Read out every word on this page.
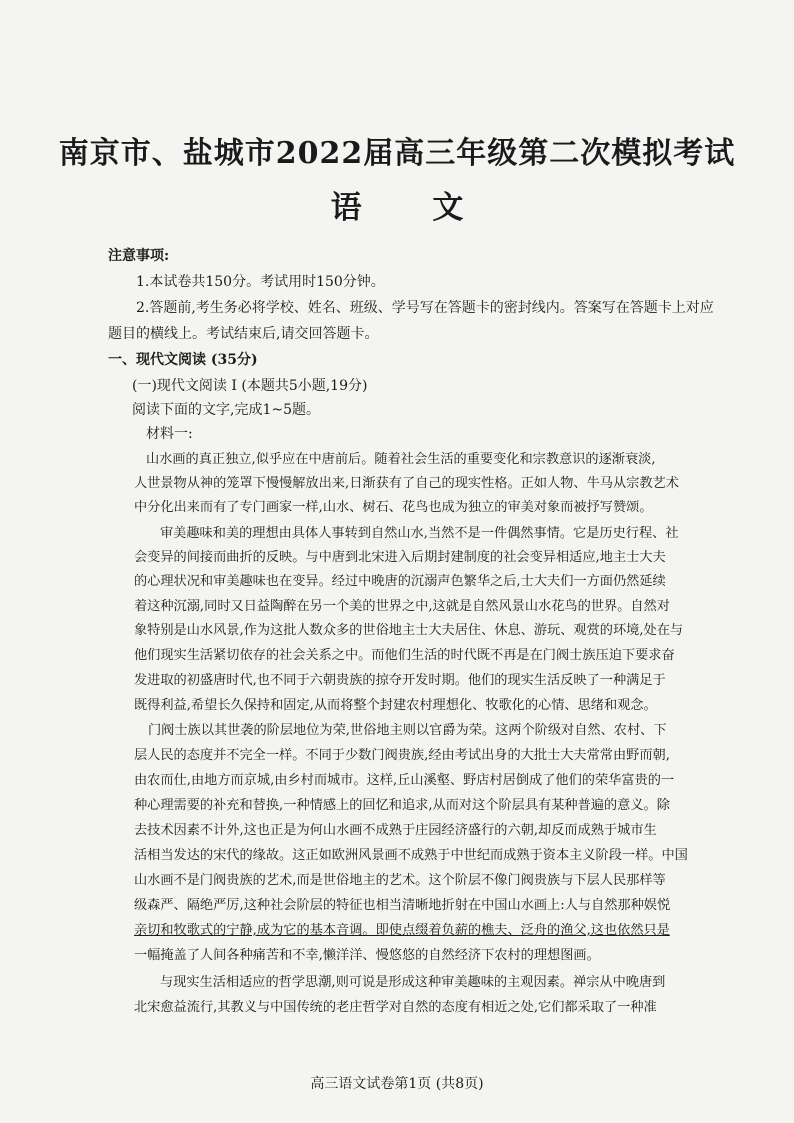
南京市、盐城市2022届高三年级第二次模拟考试
语 文
注意事项:
1.本试卷共150分。考试用时150分钟。
2.答题前,考生务必将学校、姓名、班级、学号写在答题卡的密封线内。答案写在答题卡上对应
题目的横线上。考试结束后,请交回答题卡。
一、现代文阅读 (35分)
(一)现代文阅读 I (本题共5小题,19分)
阅读下面的文字,完成1~5题。
材料一:
山水画的真正独立,似乎应在中唐前后。随着社会生活的重要变化和宗教意识的逐渐衰淡,
人世景物从神的笼罩下慢慢解放出来,日渐获有了自己的现实性格。正如人物、牛马从宗教艺术
中分化出来而有了专门画家一样,山水、树石、花鸟也成为独立的审美对象而被抒写赞颂。
审美趣味和美的理想由具体人事转到自然山水,当然不是一件偶然事情。它是历史行程、社
会变异的间接而曲折的反映。与中唐到北宋进入后期封建制度的社会变异相适应,地主士大夫
的心理状况和审美趣味也在变异。经过中晚唐的沉溺声色繁华之后,士大夫们一方面仍然延续
着这种沉溺,同时又日益陶醉在另一个美的世界之中,这就是自然风景山水花鸟的世界。自然对
象特别是山水风景,作为这批人数众多的世俗地主士大夫居住、休息、游玩、观赏的环境,处在与
他们现实生活紧切依存的社会关系之中。而他们生活的时代既不再是在门阀士族压迫下要求奋
发进取的初盛唐时代,也不同于六朝贵族的掠夺开发时期。他们的现实生活反映了一种满足于
既得利益,希望长久保持和固定,从而将整个封建农村理想化、牧歌化的心情、思绪和观念。
门阀士族以其世袭的阶层地位为荣,世俗地主则以官爵为荣。这两个阶级对自然、农村、下
层人民的态度并不完全一样。不同于少数门阀贵族,经由考试出身的大批士大夫常常由野而朝,
由农而仕,由地方而京城,由乡村而城市。这样,丘山溪壑、野店村居倒成了他们的荣华富贵的一
种心理需要的补充和替换,一种情感上的回忆和追求,从而对这个阶层具有某种普遍的意义。除
去技术因素不计外,这也正是为何山水画不成熟于庄园经济盛行的六朝,却反而成熟于城市生
活相当发达的宋代的缘故。这正如欧洲风景画不成熟于中世纪而成熟于资本主义阶段一样。中国
山水画不是门阀贵族的艺术,而是世俗地主的艺术。这个阶层不像门阀贵族与下层人民那样等
级森严、隔绝严厉,这种社会阶层的特征也相当清晰地折射在中国山水画上:人与自然那种娱悦
亲切和牧歌式的宁静,成为它的基本音调。即使点缀着负薪的樵夫、泛舟的渔父,这也依然只是
一幅掩盖了人间各种痛苦和不幸,懒洋洋、慢悠悠的自然经济下农村的理想图画。
与现实生活相适应的哲学思潮,则可说是形成这种审美趣味的主观因素。禅宗从中晚唐到
北宋愈益流行,其教义与中国传统的老庄哲学对自然的态度有相近之处,它们都采取了一种准
高三语文试卷第1页 (共8页)
